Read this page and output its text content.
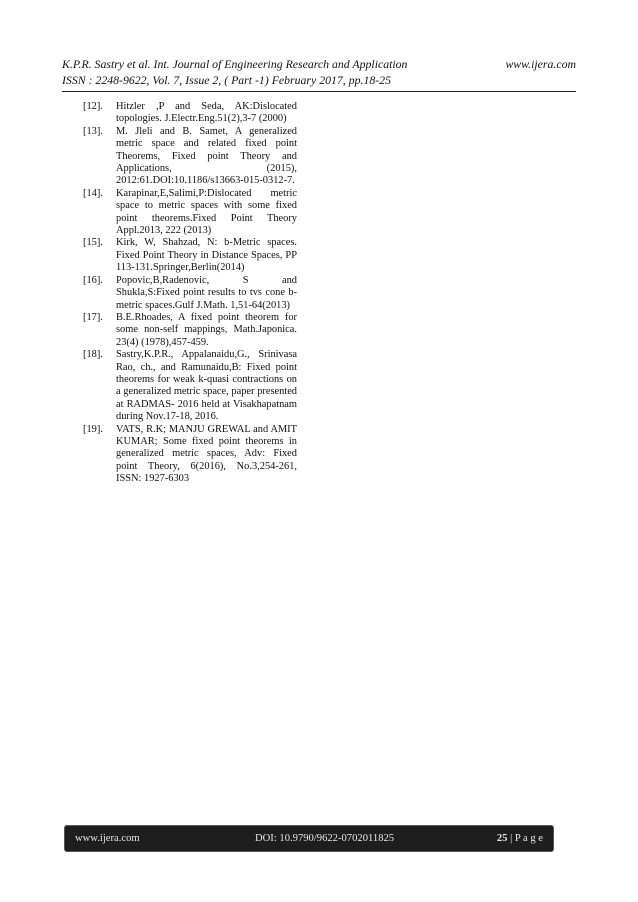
K.P.R. Sastry et al. Int. Journal of Engineering Research and Application	www.ijera.com
ISSN : 2248-9622, Vol. 7, Issue 2, ( Part -1) February 2017, pp.18-25
[12].	Hitzler ,P and Seda, AK:Dislocated topologies. J.Electr.Eng.51(2),3-7 (2000)
[13].	M. Jleli and B. Samet, A generalized metric space and related fixed point Theorems, Fixed point Theory and Applications, (2015), 2012:61.DOI:10.1186/s13663-015-0312-7.
[14].	Karapinar,E,Salimi,P:Dislocated metric space to metric spaces with some fixed point theorems.Fixed Point Theory Appl.2013, 222 (2013)
[15].	Kirk, W, Shahzad, N: b-Metric spaces. Fixed Point Theory in Distance Spaces, PP 113-131.Springer,Berlin(2014)
[16].	Popovic,B,Radenovic, S and Shukla,S:Fixed point results to tvs cone b-metric spaces.Gulf J.Math. 1,51-64(2013)
[17].	B.E.Rhoades, A fixed point theorem for some non-self mappings, Math.Japonica. 23(4) (1978),457-459.
[18].	Sastry,K.P.R., Appalanaidu,G., Srinivasa Rao, ch., and Ramunaidu,B: Fixed point theorems for weak k-quasi contractions on a generalized metric space, paper presented at RADMAS- 2016 held at Visakhapatnam during Nov.17-18, 2016.
[19].	VATS, R.K; MANJU GREWAL and AMIT KUMAR; Some fixed point theorems in generalized metric spaces, Adv: Fixed point Theory, 6(2016), No.3,254-261, ISSN: 1927-6303
www.ijera.com	DOI: 10.9790/9622-0702011825	25 | P a g e
